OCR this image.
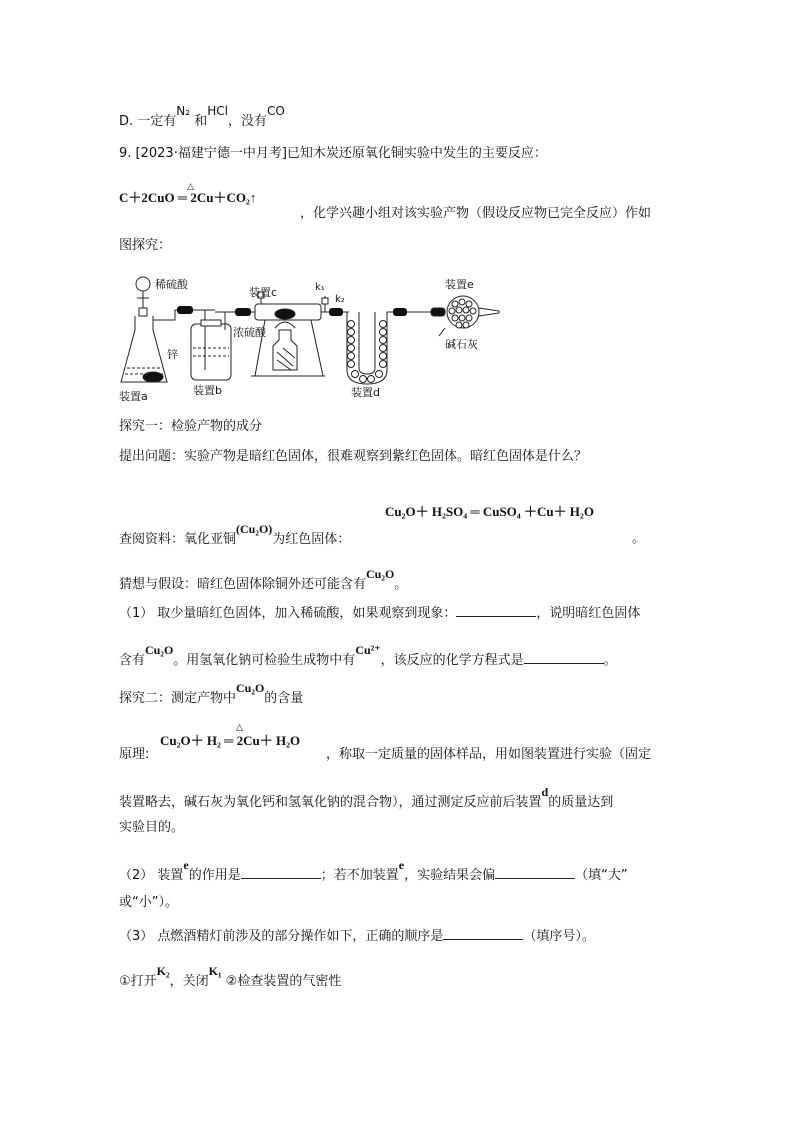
D. 一定有N₂ 和HCl，没有CO
9. [2023·福建宁德一中月考]已知木炭还原氧化铜实验中发生的主要反应：
C＋2CuO ═ 2Cu＋CO₂↑
△
，化学兴趣小组对该实验产物（假设反应物已完全反应）作如
图探究：
稀硫酸
锌
装置a
浓硫酸
装置b
装置c	k₁
k₂
装置d
装置e
碱石灰
探究一：检验产物的成分
提出问题：实验产物是暗红色固体，很难观察到紫红色固体。暗红色固体是什么？
Cu₂O＋ H₂SO₄ ═ CuSO₄ ＋Cu＋ H₂O
查阅资料：氧化亚铜(Cu₂O)为红色固体：	。
猜想与假设：暗红色固体除铜外还可能含有Cu₂O。
（1） 取少量暗红色固体，加入稀硫酸，如果观察到现象：	，说明暗红色固体
含有Cu₂O。用氢氧化钠可检验生成物中有Cu²⁺，该反应的化学方程式是	。
探究二：测定产物中Cu₂O的含量
原理:
Cu₂O＋ H₂ ═ 2Cu＋ H₂O
△
，称取一定质量的固体样品，用如图装置进行实验（固定
装置略去，碱石灰为氧化钙和氢氧化钠的混合物），通过测定反应前后装置d的质量达到
实验目的。
（2） 装置e的作用是	；若不加装置e，实验结果会偏	（填“大”
或“小”）。
（3） 点燃酒精灯前涉及的部分操作如下，正确的顺序是	（填序号）。
①打开K₂，关闭K₁ ②检查装置的气密性
